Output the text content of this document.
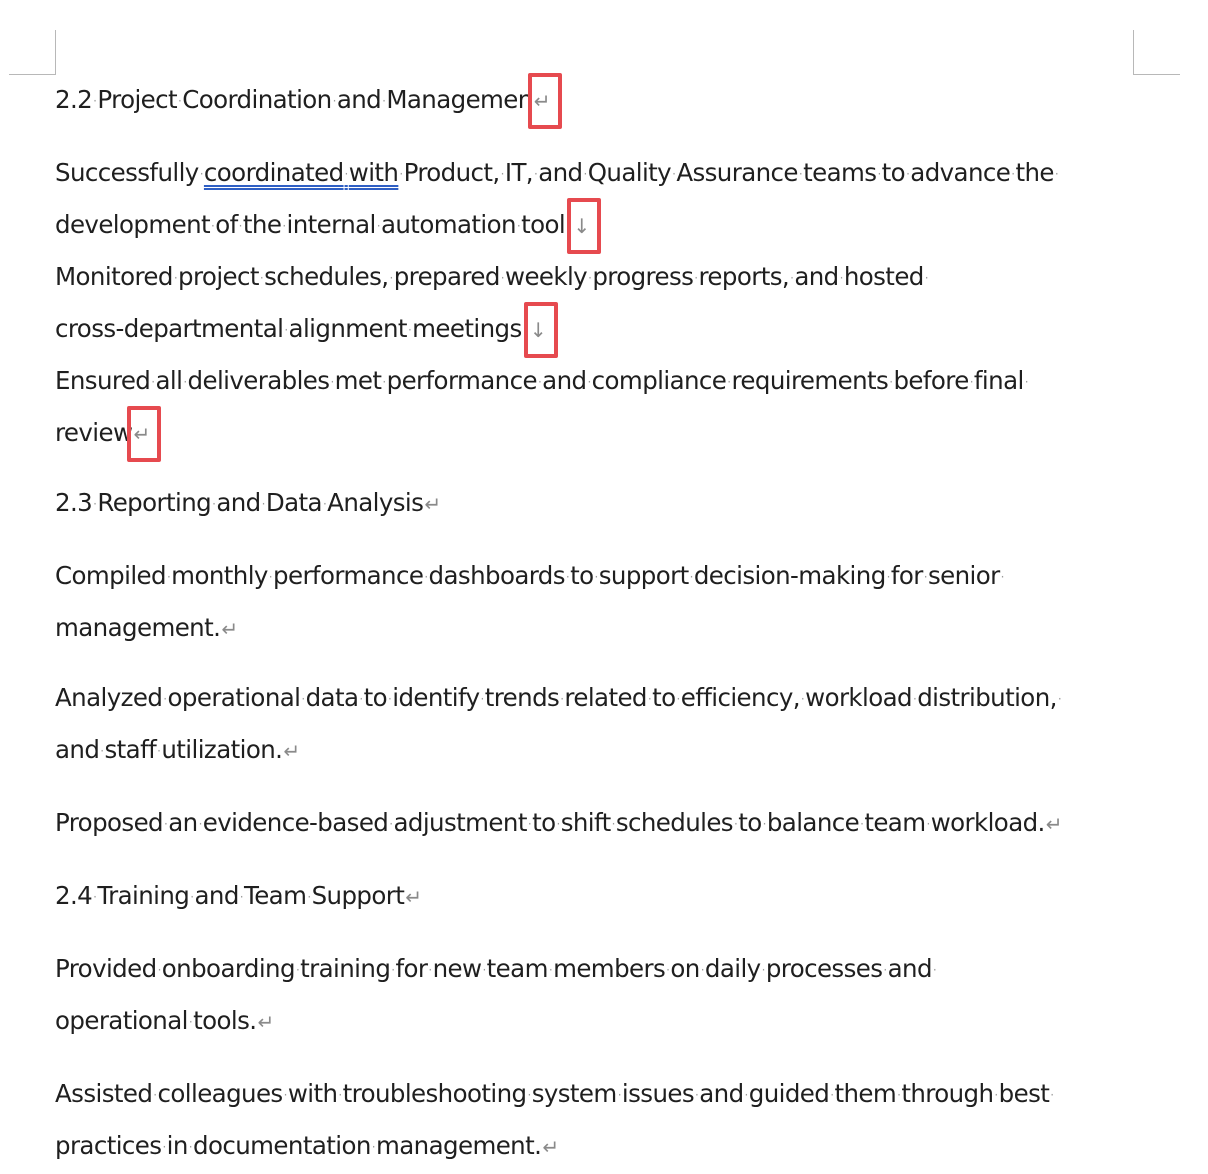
2.2·Project·Coordination·and·Managemen↵

Successfully·coordinated·with·Product,·IT,·and·Quality·Assurance·teams·to·advance·the·
development·of·the·internal·automation·tool.↓
Monitored·project·schedules,·prepared·weekly·progress·reports,·and·hosted·
cross-departmental·alignment·meetings.↓
Ensured·all·deliverables·met·performance·and·compliance·requirements·before·final·
review↵

2.3·Reporting·and·Data·Analysis↵

Compiled·monthly·performance·dashboards·to·support·decision-making·for·senior·
management.↵

Analyzed·operational·data·to·identify·trends·related·to·efficiency,·workload·distribution,·
and·staff·utilization.↵

Proposed·an·evidence-based·adjustment·to·shift·schedules·to·balance·team·workload.↵

2.4·Training·and·Team·Support↵

Provided·onboarding·training·for·new·team·members·on·daily·processes·and·
operational·tools.↵

Assisted·colleagues·with·troubleshooting·system·issues·and·guided·them·through·best·
practices·in·documentation·management.↵
